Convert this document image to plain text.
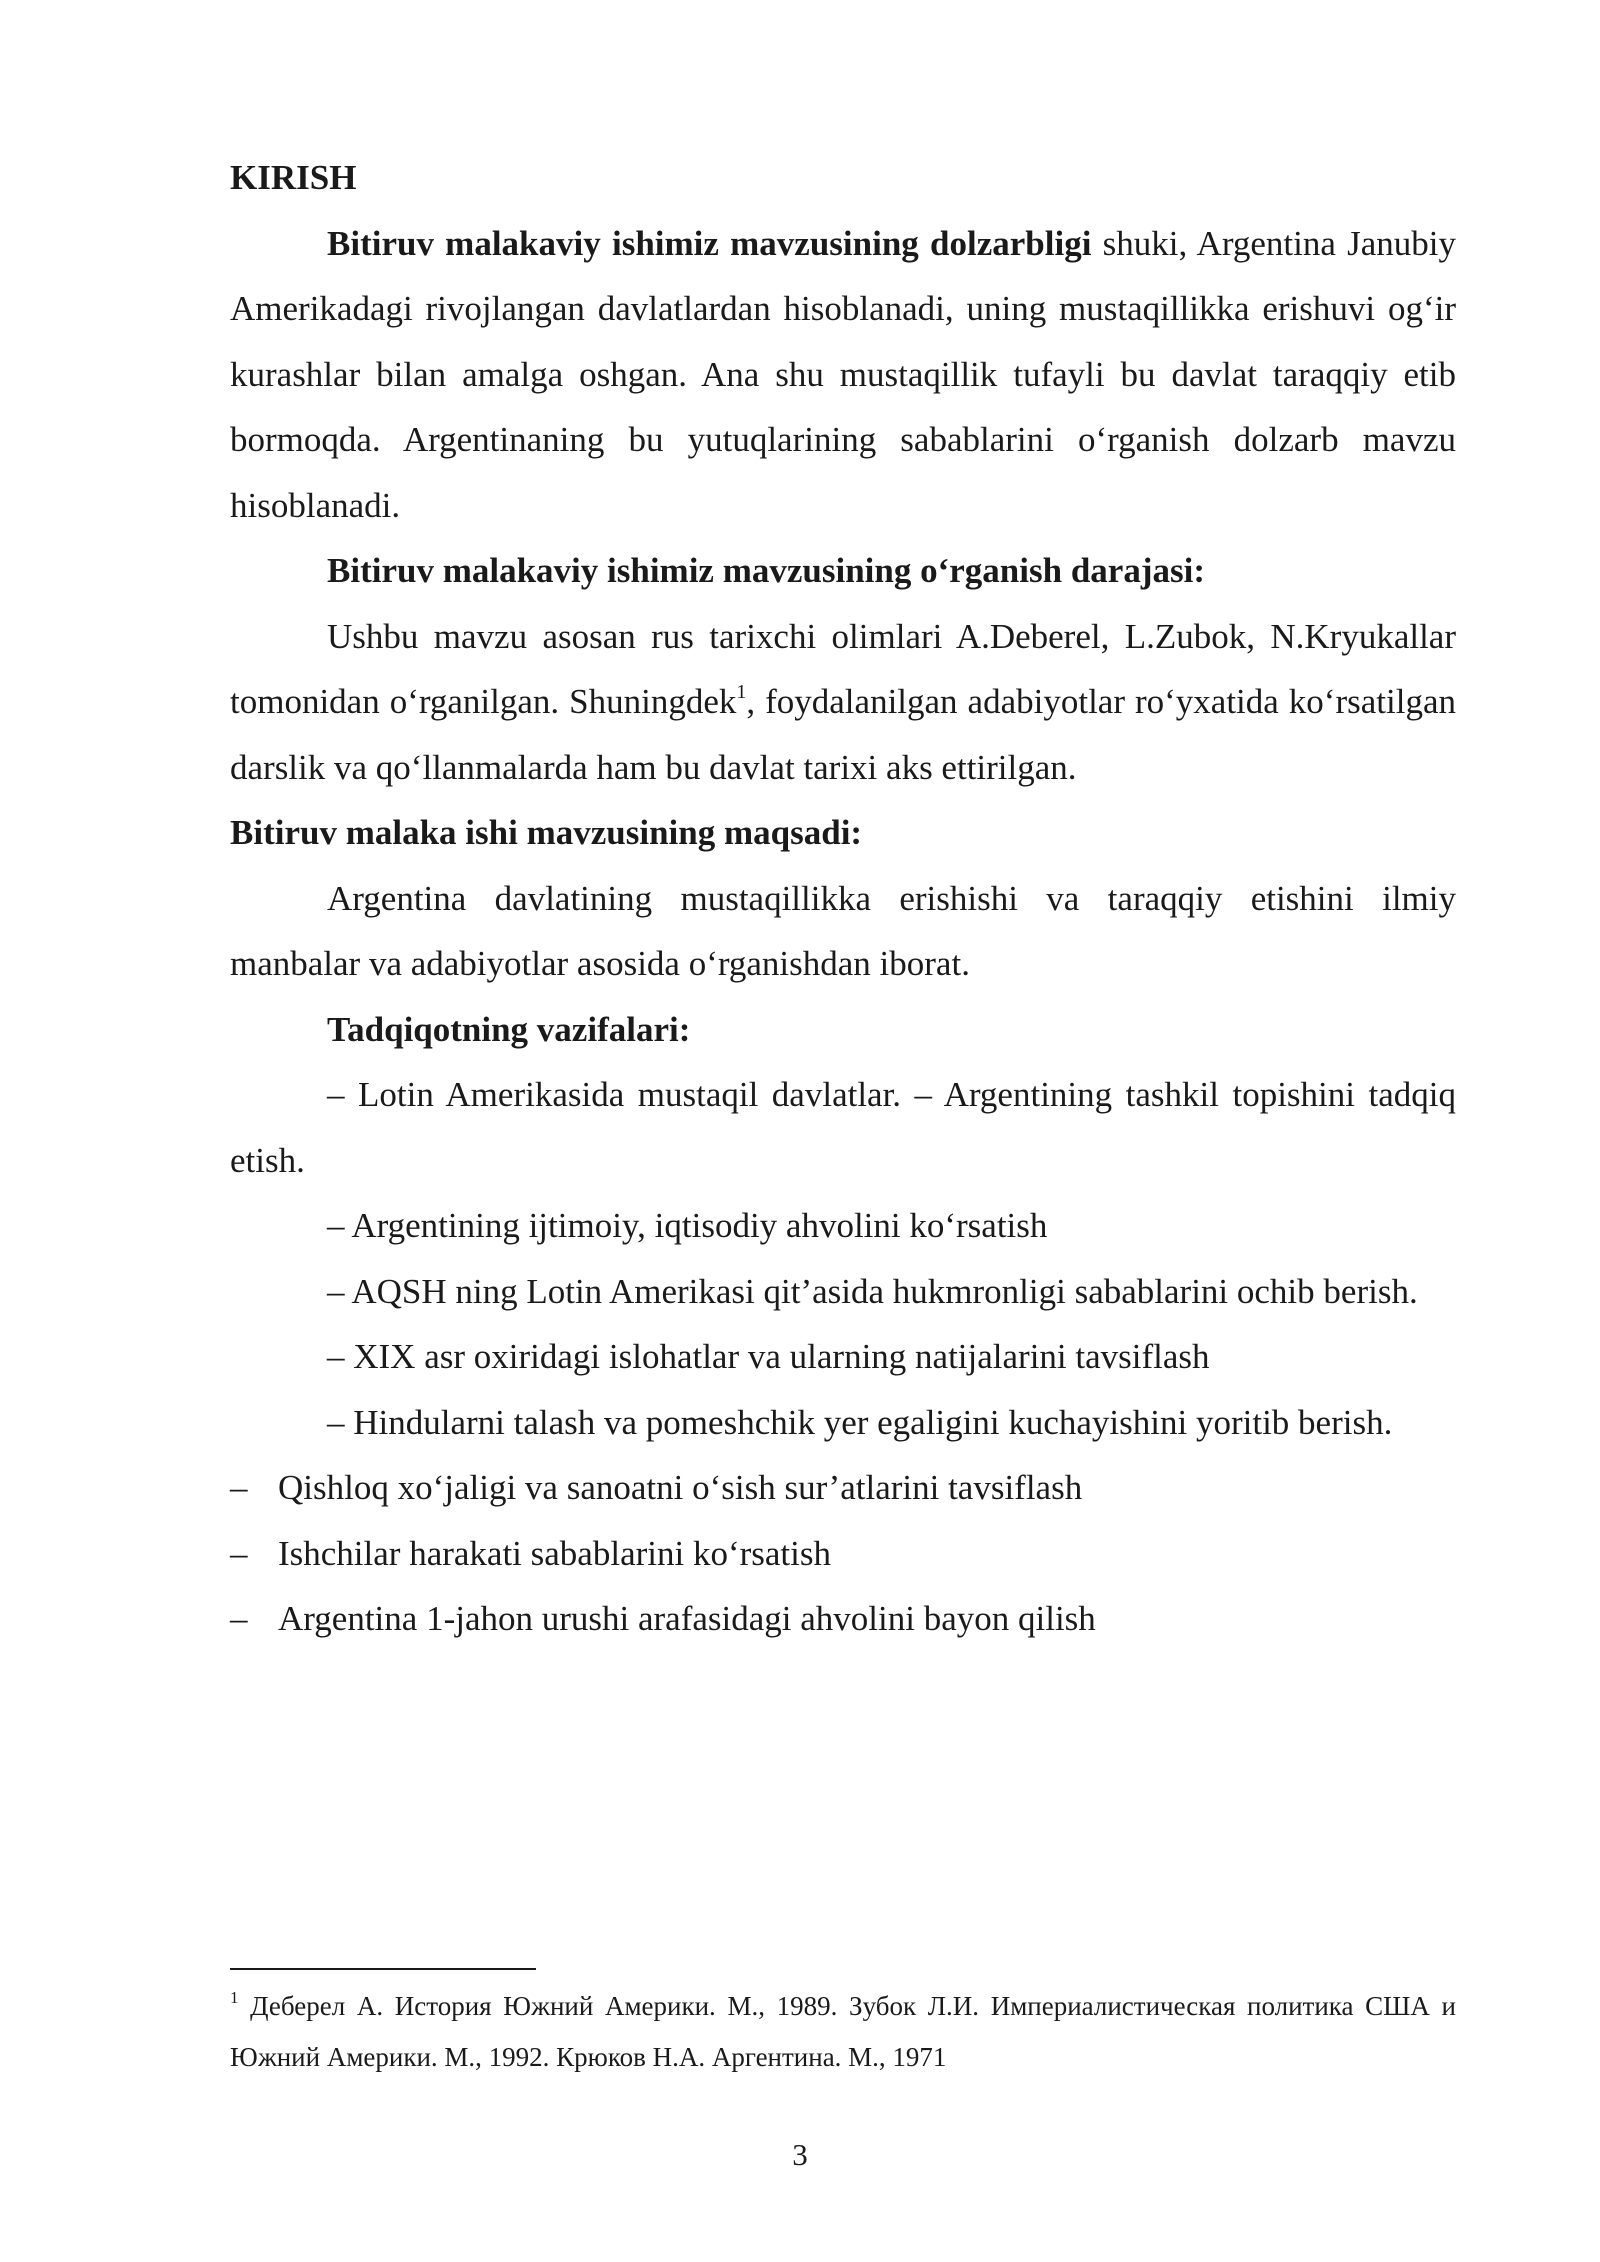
KIRISH

Bitiruv malakaviy ishimiz mavzusining dolzarbligi shuki, Argentina Janubiy Amerikadagi rivojlangan davlatlardan hisoblanadi, uning mustaqillikka erishuvi og‘ir kurashlar bilan amalga oshgan. Ana shu mustaqillik tufayli bu davlat taraqqiy etib bormoqda. Argentinaning bu yutuqlarining sabablarini o‘rganish dolzarb mavzu hisoblanadi.

Bitiruv malakaviy ishimiz mavzusining o‘rganish darajasi:

Ushbu mavzu asosan rus tarixchi olimlari A.Deberel, L.Zubok, N.Kryukallar tomonidan o‘rganilgan. Shuningdek$^1$, foydalanilgan adabiyotlar ro‘yxatida ko‘rsatilgan darslik va qo‘llanmalarda ham bu davlat tarixi aks ettirilgan.

Bitiruv malaka ishi mavzusining maqsadi:

Argentina davlatining mustaqillikka erishishi va taraqqiy etishini ilmiy manbalar va adabiyotlar asosida o‘rganishdan iborat.

Tadqiqotning vazifalari:

– Lotin Amerikasida mustaqil davlatlar. – Argentining tashkil topishini tadqiq etish.

– Argentining ijtimoiy, iqtisodiy ahvolini ko‘rsatish

– AQSH ning Lotin Amerikasi qit’asida hukmronligi sabablarini ochib berish.

– XIX asr oxiridagi islohatlar va ularning natijalarini tavsiflash

– Hindularni talash va pomeshchik yer egaligini kuchayishini yoritib berish.

– Qishloq xo‘jaligi va sanoatni o‘sish sur’atlarini tavsiflash
– Ishchilar harakati sabablarini ko‘rsatish
– Argentina 1-jahon urushi arafasidagi ahvolini bayon qilish

$^1$ Деберел А. История Южний Америки. М., 1989. Зубок Л.И. Империалистическая политика США и Южний Америки. М., 1992. Крюков Н.А. Аргентина. М., 1971

3
